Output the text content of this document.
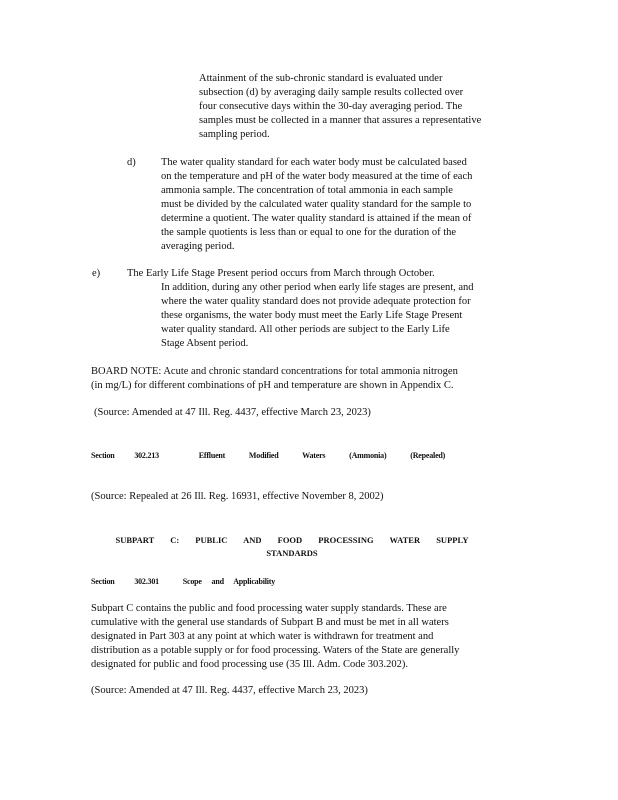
Attainment of the sub-chronic standard is evaluated under
subsection (d) by averaging daily sample results collected over
four consecutive days within the 30-day averaging period. The
samples must be collected in a manner that assures a representative
sampling period.
d) The water quality standard for each water body must be calculated based
on the temperature and pH of the water body measured at the time of each
ammonia sample. The concentration of total ammonia in each sample
must be divided by the calculated water quality standard for the sample to
determine a quotient. The water quality standard is attained if the mean of
the sample quotients is less than or equal to one for the duration of the
averaging period.
e)	The Early Life Stage Present period occurs from March through October.
In addition, during any other period when early life stages are present, and
where the water quality standard does not provide adequate protection for
these organisms, the water body must meet the Early Life Stage Present
water quality standard. All other periods are subject to the Early Life
Stage Absent period.
BOARD NOTE: Acute and chronic standard concentrations for total ammonia nitrogen
(in mg/L) for different combinations of pH and temperature are shown in Appendix C.
(Source: Amended at 47 Ill. Reg. 4437, effective March 23, 2023)
Section 302.213	Effluent Modified Waters (Ammonia)	(Repealed)
(Source: Repealed at 26 Ill. Reg. 16931, effective November 8, 2002)
SUBPART C: PUBLIC AND FOOD PROCESSING WATER SUPPLY
STANDARDS
Section 302.301	Scope and Applicability
Subpart C contains the public and food processing water supply standards. These are
cumulative with the general use standards of Subpart B and must be met in all waters
designated in Part 303 at any point at which water is withdrawn for treatment and
distribution as a potable supply or for food processing. Waters of the State are generally
designated for public and food processing use (35 Ill. Adm. Code 303.202).
(Source: Amended at 47 Ill. Reg. 4437, effective March 23, 2023)
